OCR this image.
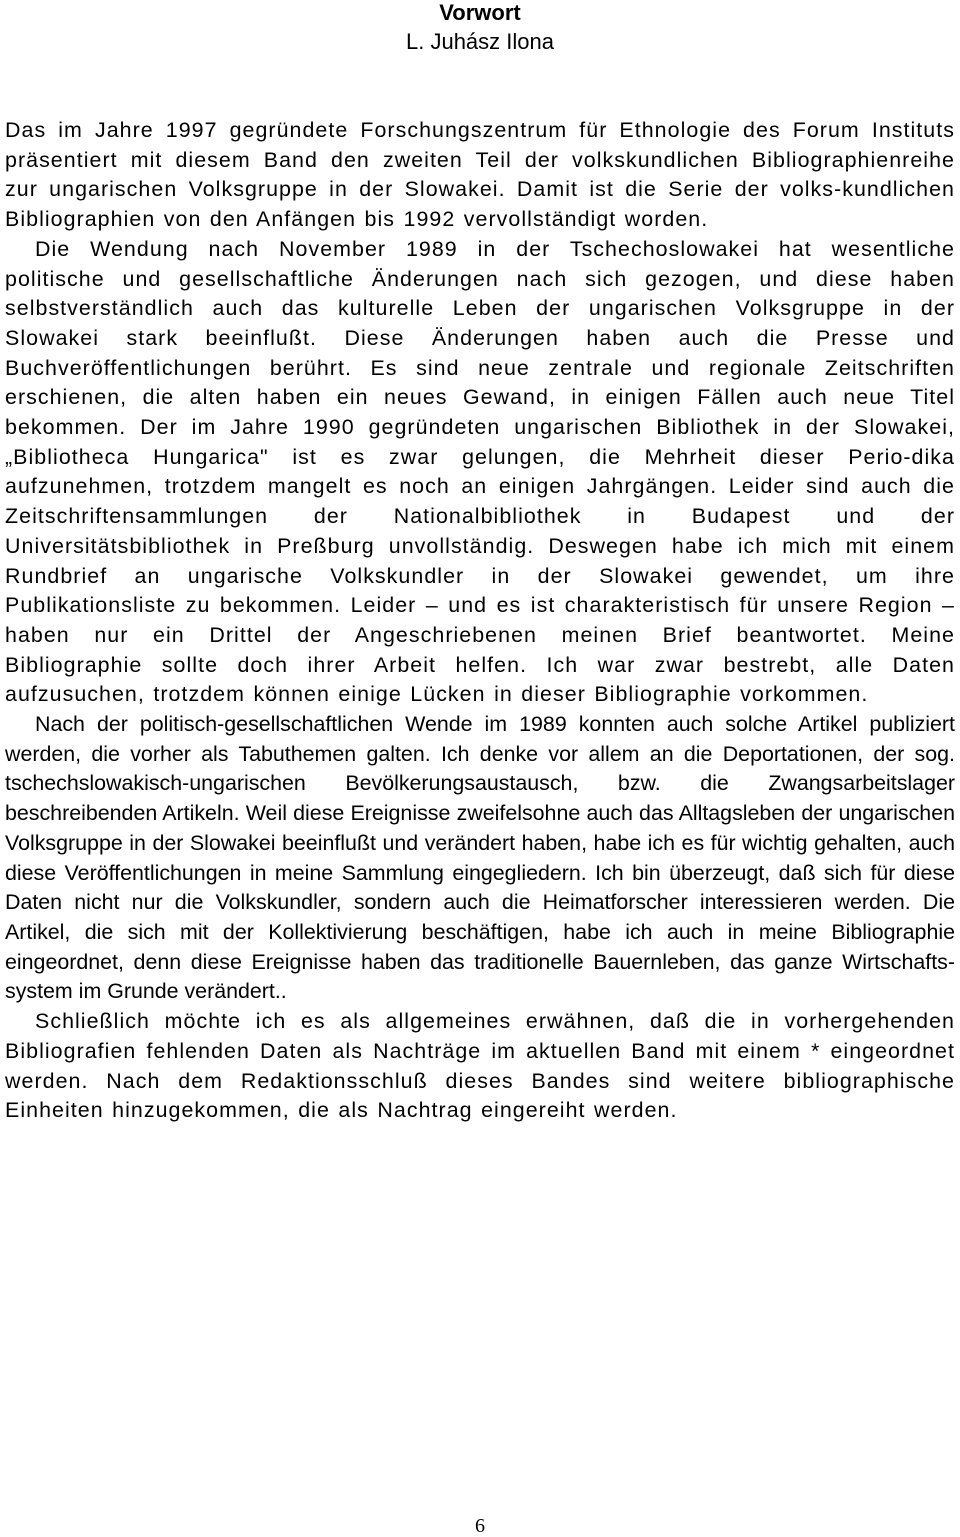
Vorwort
L. Juhász Ilona

Das im Jahre 1997 gegründete Forschungszentrum für Ethnologie des Forum Instituts präsentiert mit diesem Band den zweiten Teil der volkskundlichen Bibliographienreihe zur ungarischen Volksgruppe in der Slowakei. Damit ist die Serie der volks-kundlichen Bibliographien von den Anfängen bis 1992 vervollständigt worden.

Die Wendung nach November 1989 in der Tschechoslowakei hat wesentliche politische und gesellschaftliche Änderungen nach sich gezogen, und diese haben selbstverständlich auch das kulturelle Leben der ungarischen Volksgruppe in der Slowakei stark beeinflußt. Diese Änderungen haben auch die Presse und Buchveröffentlichungen berührt. Es sind neue zentrale und regionale Zeitschriften erschienen, die alten haben ein neues Gewand, in einigen Fällen auch neue Titel bekommen. Der im Jahre 1990 gegründeten ungarischen Bibliothek in der Slowakei, „Bibliotheca Hungarica" ist es zwar gelungen, die Mehrheit dieser Perio-dika aufzunehmen, trotzdem mangelt es noch an einigen Jahrgängen. Leider sind auch die Zeitschriftensammlungen der Nationalbibliothek in Budapest und der Universitätsbibliothek in Preßburg unvollständig. Deswegen habe ich mich mit einem Rundbrief an ungarische Volkskundler in der Slowakei gewendet, um ihre Publikationsliste zu bekommen. Leider – und es ist charakteristisch für unsere Region – haben nur ein Drittel der Angeschriebenen meinen Brief beantwortet. Meine Bibliographie sollte doch ihrer Arbeit helfen. Ich war zwar bestrebt, alle Daten aufzusuchen, trotzdem können einige Lücken in dieser Bibliographie vorkommen.

Nach der politisch-gesellschaftlichen Wende im 1989 konnten auch solche Artikel publiziert werden, die vorher als Tabuthemen galten. Ich denke vor allem an die Deportationen, der sog. tschechslowakisch-ungarischen Bevölkerungsaustausch, bzw. die Zwangsarbeitslager beschreibenden Artikeln. Weil diese Ereignisse zweifelsohne auch das Alltagsleben der ungarischen Volksgruppe in der Slowakei beeinflußt und verändert haben, habe ich es für wichtig gehalten, auch diese Veröffentlichungen in meine Sammlung eingegliedern. Ich bin überzeugt, daß sich für diese Daten nicht nur die Volkskundler, sondern auch die Heimatforscher interessieren werden. Die Artikel, die sich mit der Kollektivierung beschäftigen, habe ich auch in meine Bibliographie eingeordnet, denn diese Ereignisse haben das traditionelle Bauernleben, das ganze Wirtschafts-system im Grunde verändert..

Schließlich möchte ich es als allgemeines erwähnen, daß die in vorhergehenden Bibliografien fehlenden Daten als Nachträge im aktuellen Band mit einem * eingeordnet werden. Nach dem Redaktionsschluß dieses Bandes sind weitere bibliographische Einheiten hinzugekommen, die als Nachtrag eingereiht werden.

6
